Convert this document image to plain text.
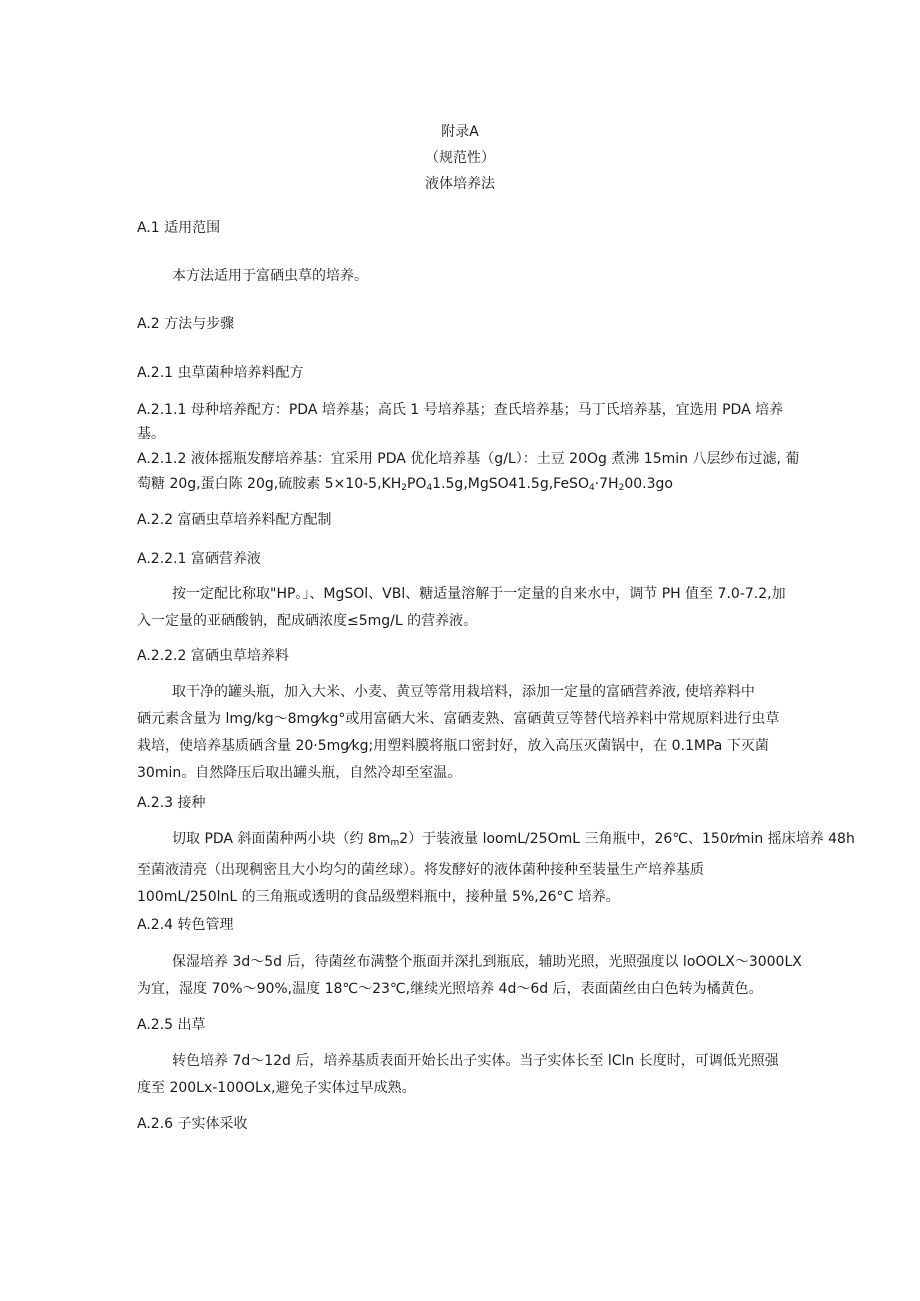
附录A
（规范性）
液体培养法
A.1 适用范围
本方法适用于富硒虫草的培养。
A.2 方法与步骤
A.2.1 虫草菌种培养料配方
A.2.1.1 母种培养配方：PDA 培养基；高氏 1 号培养基；查氏培养基；马丁氏培养基，宜选用 PDA 培养
基。
A.2.1.2 液体摇瓶发酵培养基：宜采用 PDA 优化培养基（g/L）：土豆 20Og 煮沸 15min 八层纱布过滤, 葡
萄糖 20g,蛋白陈 20g,硫胺素 $5\times 10-5,KH_2PO_41.5g,MgSO41.5g,FeSO_4\cdot 7H_200.3go$
A.2.2 富硒虫草培养料配方配制
A.2.2.1 富硒营养液
按一定配比称取"HP。」、MgSOl、VBl、糖适量溶解于一定量的自来水中，调节 PH 值至 7.0-7.2,加
入一定量的亚硒酸钠，配成硒浓度≤5mg/L 的营养液。
A.2.2.2 富硒虫草培养料
取干净的罐头瓶，加入大米、小麦、黄豆等常用栽培料，添加一定量的富硒营养液, 使培养料中
硒元素含量为 lmg/kg～8mg⁄kg°或用富硒大米、富硒麦熟、富硒黄豆等替代培养料中常规原料进行虫草
栽培，使培养基质硒含量 20·5mg⁄kg;用塑料膜将瓶口密封好，放入高压灭菌锅中，在 0.1MPa 下灭菌
30min。自然降压后取出罐头瓶，自然冷却至室温。
A.2.3 接种
切取 PDA 斜面菌种两小块（约 $8m_m2$）于装液量 loomL/25OmL 三角瓶中，26℃、150r⁄min 摇床培养 48h
至菌液清亮（出现稠密且大小均匀的菌丝球）。将发酵好的液体菌种接种至装量生产培养基质
100mL/250lnL 的三角瓶或透明的食品级塑料瓶中，接种量 5%,26°C 培养。
A.2.4 转色管理
保湿培养 3d～5d 后，待菌丝布满整个瓶面并深扎到瓶底，辅助光照，光照强度以 loOOLX～3000LX
为宜，湿度 70%～90%,温度 18℃～23℃,继续光照培养 4d～6d 后，表面菌丝由白色转为橘黄色。
A.2.5 出草
转色培养 7d～12d 后，培养基质表面开始长出子实体。当子实体长至 lCln 长度时，可调低光照强
度至 200Lx-100OLx,避免子实体过早成熟。
A.2.6 子实体采收
